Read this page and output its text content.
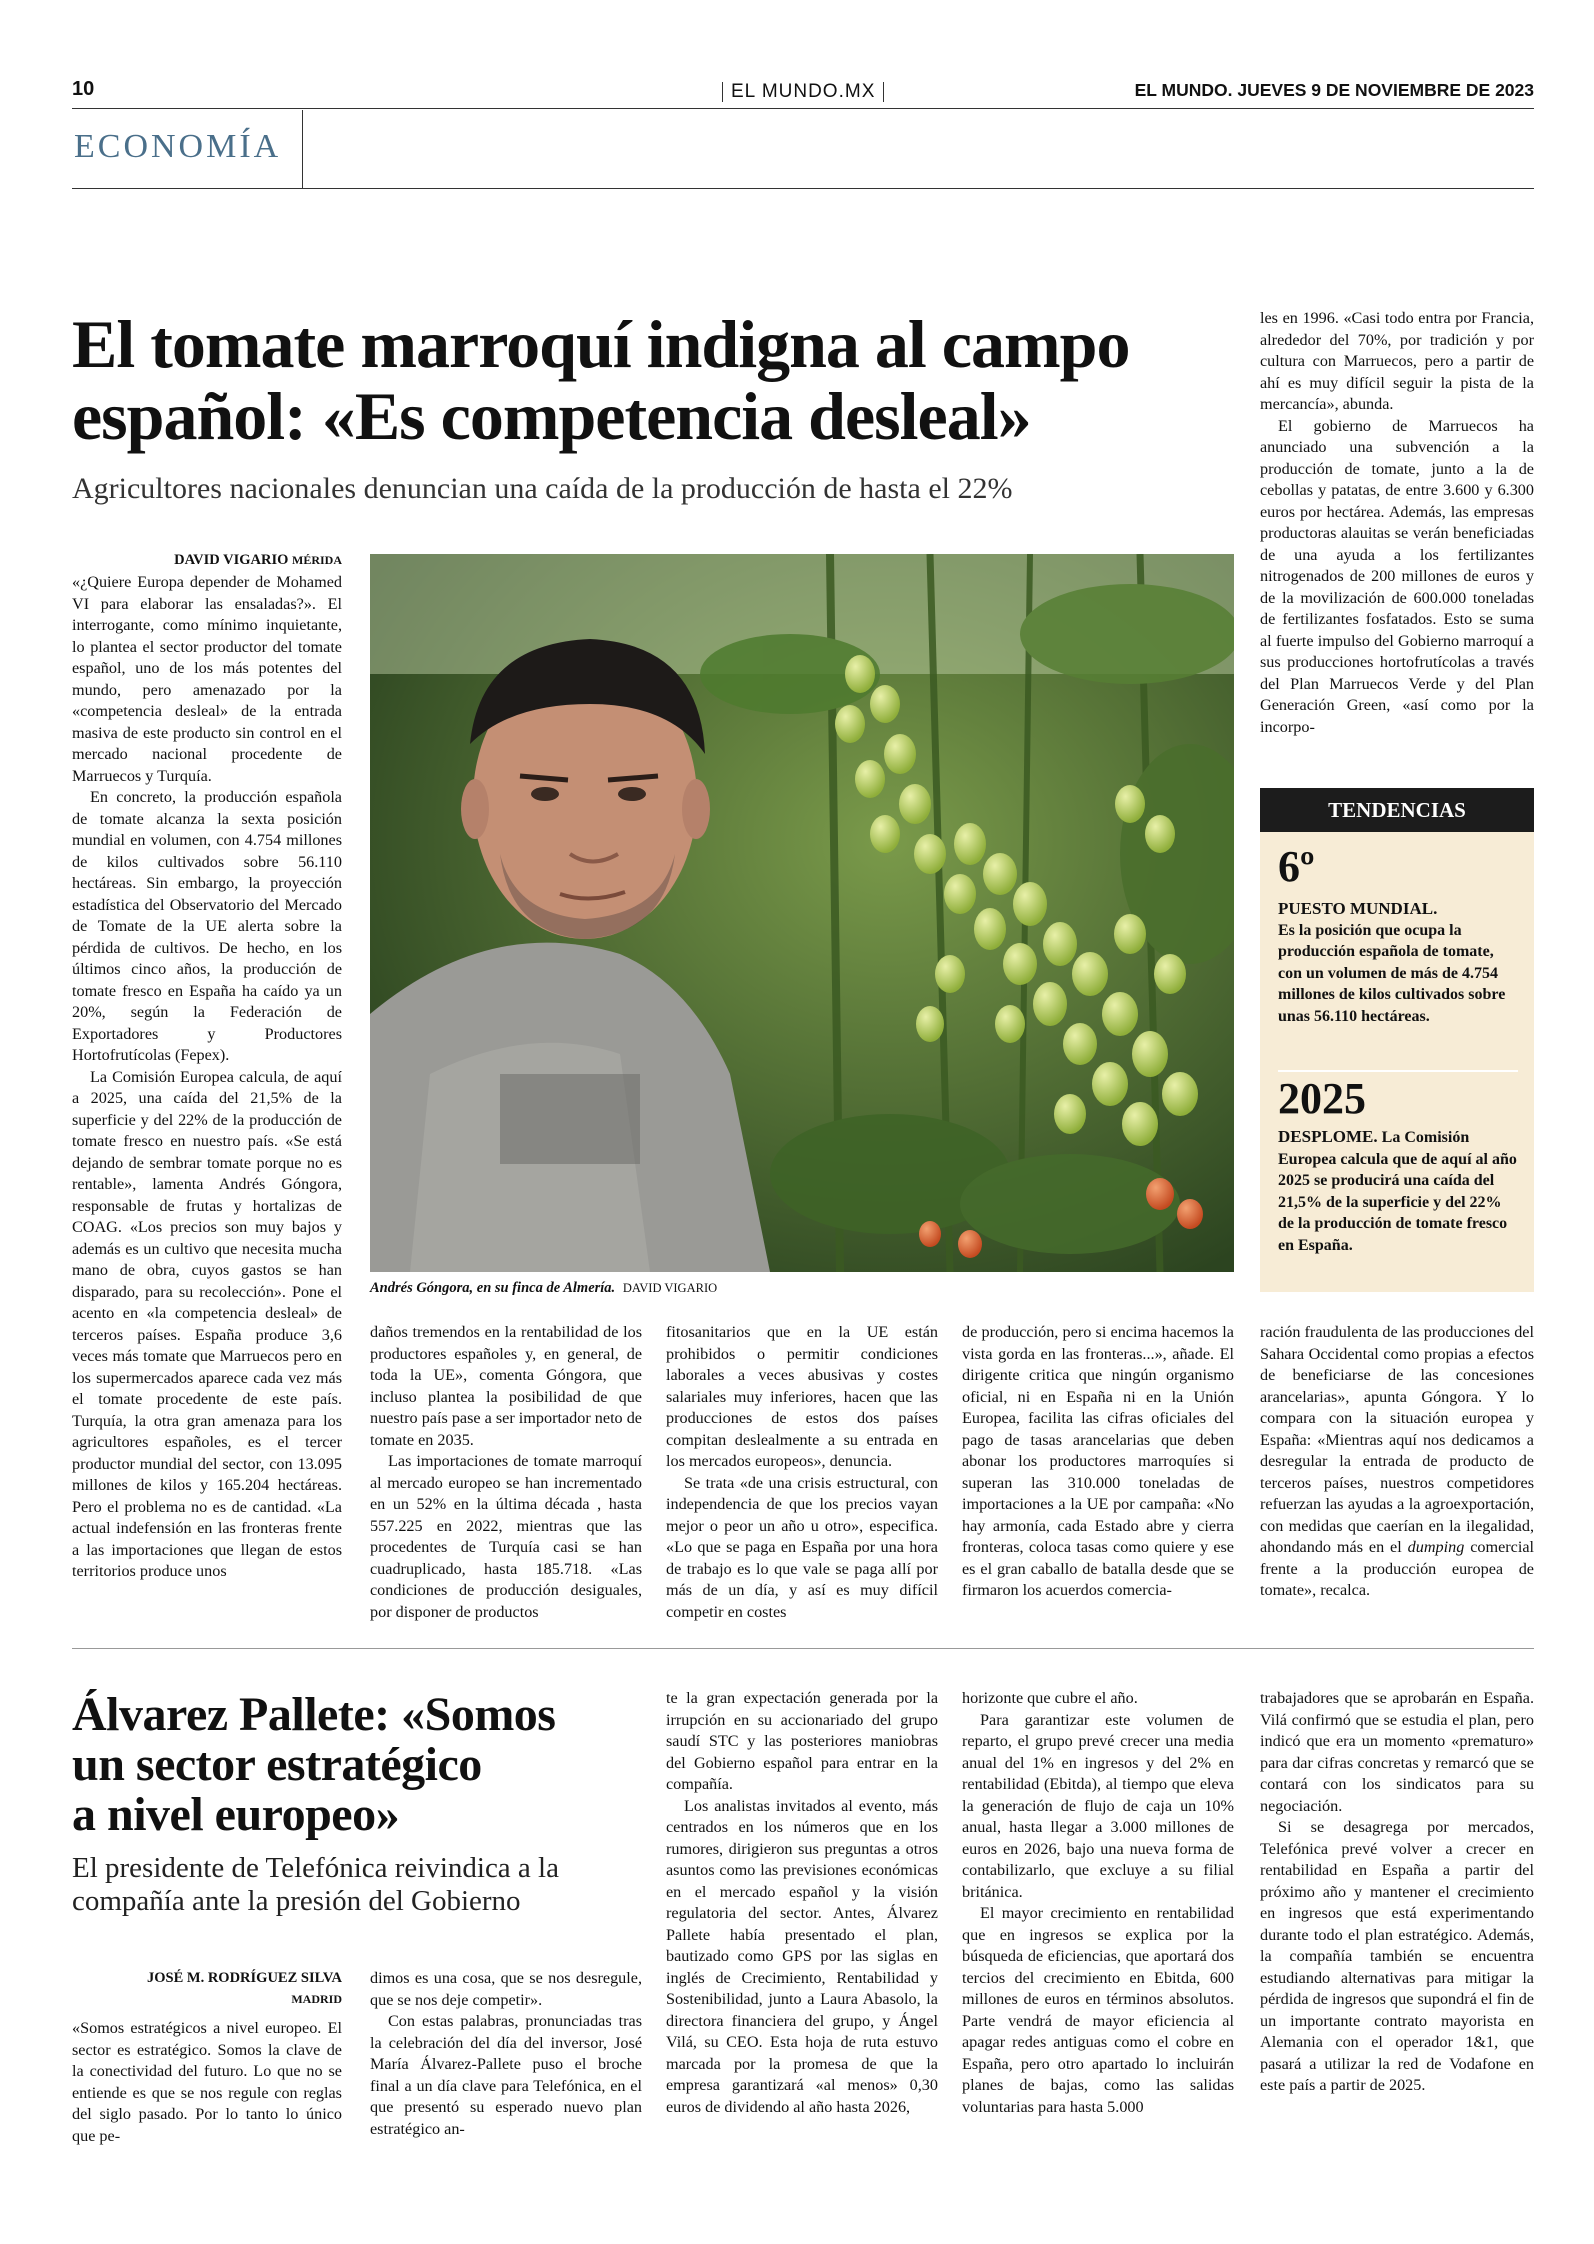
10	EL MUNDO.MX	EL MUNDO. JUEVES 9 DE NOVIEMBRE DE 2023
ECONOMÍA
El tomate marroquí indigna al campo
español: «Es competencia desleal»
Agricultores nacionales denuncian una caída de la producción de hasta el 22%
DAVID VIGARIO MÉRIDA

«¿Quiere Europa depender de Mohamed VI para elaborar las ensaladas?». El interrogante, como mínimo inquietante, lo plantea el sector productor del tomate español, uno de los más potentes del mundo, pero amenazado por la «competencia desleal» de la entrada masiva de este producto sin control en el mercado nacional procedente de Marruecos y Turquía.

En concreto, la producción española de tomate alcanza la sexta posición mundial en volumen, con 4.754 millones de kilos cultivados sobre 56.110 hectáreas. Sin embargo, la proyección estadística del Observatorio del Mercado de Tomate de la UE alerta sobre la pérdida de cultivos. De hecho, en los últimos cinco años, la producción de tomate fresco en España ha caído ya un 20%, según la Federación de Exportadores y Productores Hortofrutícolas (Fepex).

La Comisión Europea calcula, de aquí a 2025, una caída del 21,5% de la superficie y del 22% de la producción de tomate fresco en nuestro país. «Se está dejando de sembrar tomate porque no es rentable», lamenta Andrés Góngora, responsable de frutas y hortalizas de COAG. «Los precios son muy bajos y además es un cultivo que necesita mucha mano de obra, cuyos gastos se han disparado, para su recolección». Pone el acento en «la competencia desleal» de terceros países. España produce 3,6 veces más tomate que Marruecos pero en los supermercados aparece cada vez más el tomate procedente de este país. Turquía, la otra gran amenaza para los agricultores españoles, es el tercer productor mundial del sector, con 13.095 millones de kilos y 165.204 hectáreas. Pero el problema no es de cantidad. «La actual indefensión en las fronteras frente a las importaciones que llegan de estos territorios produce unos

Andrés Góngora, en su finca de Almería. DAVID VIGARIO

daños tremendos en la rentabilidad de los productores españoles y, en general, de toda la UE», comenta Góngora, que incluso plantea la posibilidad de que nuestro país pase a ser importador neto de tomate en 2035.

Las importaciones de tomate marroquí al mercado europeo se han incrementado en un 52% en la última década , hasta 557.225 en 2022, mientras que las procedentes de Turquía casi se han cuadruplicado, hasta 185.718. «Las condiciones de producción desiguales, por disponer de productos

fitosanitarios que en la UE están prohibidos o permitir condiciones laborales a veces abusivas y costes salariales muy inferiores, hacen que las producciones de estos dos países compitan deslealmente a su entrada en los mercados europeos», denuncia.

Se trata «de una crisis estructural, con independencia de que los precios vayan mejor o peor un año u otro», especifica. «Lo que se paga en España por una hora de trabajo es lo que vale se paga allí por más de un día, y así es muy difícil competir en costes

de producción, pero si encima hacemos la vista gorda en las fronteras...», añade. El dirigente critica que ningún organismo oficial, ni en España ni en la Unión Europea, facilita las cifras oficiales del pago de tasas arancelarias que deben abonar los productores marroquíes si superan las 310.000 toneladas de importaciones a la UE por campaña: «No hay armonía, cada Estado abre y cierra fronteras, coloca tasas como quiere y ese es el gran caballo de batalla desde que se firmaron los acuerdos comercia-

les en 1996. «Casi todo entra por Francia, alrededor del 70%, por tradición y por cultura con Marruecos, pero a partir de ahí es muy difícil seguir la pista de la mercancía», abunda.

El gobierno de Marruecos ha anunciado una subvención a la producción de tomate, junto a la de cebollas y patatas, de entre 3.600 y 6.300 euros por hectárea. Además, las empresas productoras alauitas se verán beneficiadas de una ayuda a los fertilizantes nitrogenados de 200 millones de euros y de la movilización de 600.000 toneladas de fertilizantes fosfatados. Esto se suma al fuerte impulso del Gobierno marroquí a sus producciones hortofrutícolas a través del Plan Marruecos Verde y del Plan Generación Green, «así como por la incorpo-

TENDENCIAS
6º
PUESTO MUNDIAL.
Es la posición que ocupa la producción española de tomate, con un volumen de más de 4.754 millones de kilos cultivados sobre unas 56.110 hectáreas.
2025
DESPLOME. La Comisión Europea calcula que de aquí al año 2025 se producirá una caída del 21,5% de la superficie y del 22% de la producción de tomate fresco en España.

ración fraudulenta de las producciones del Sahara Occidental como propias a efectos de beneficiarse de las concesiones arancelarias», apunta Góngora. Y lo compara con la situación europea y España: «Mientras aquí nos dedicamos a desregular la entrada de producto de terceros países, nuestros competidores refuerzan las ayudas a la agroexportación, con medidas que caerían en la ilegalidad, ahondando más en el dumping comercial frente a la producción europea de tomate», recalca.

Álvarez Pallete: «Somos
un sector estratégico
a nivel europeo»
El presidente de Telefónica reivindica a la
compañía ante la presión del Gobierno
JOSÉ M. RODRÍGUEZ SILVA
MADRID

«Somos estratégicos a nivel europeo. El sector es estratégico. Somos la clave de la conectividad del futuro. Lo que no se entiende es que se nos regule con reglas del siglo pasado. Por lo tanto lo único que pe-

dimos es una cosa, que se nos desregule, que se nos deje competir».

Con estas palabras, pronunciadas tras la celebración del día del inversor, José María Álvarez-Pallete puso el broche final a un día clave para Telefónica, en el que presentó su esperado nuevo plan estratégico an-

te la gran expectación generada por la irrupción en su accionariado del grupo saudí STC y las posteriores maniobras del Gobierno español para entrar en la compañía.

Los analistas invitados al evento, más centrados en los números que en los rumores, dirigieron sus preguntas a otros asuntos como las previsiones económicas en el mercado español y la visión regulatoria del sector. Antes, Álvarez Pallete había presentado el plan, bautizado como GPS por las siglas en inglés de Crecimiento, Rentabilidad y Sostenibilidad, junto a Laura Abasolo, la directora financiera del grupo, y Ángel Vilá, su CEO. Esta hoja de ruta estuvo marcada por la promesa de que la empresa garantizará «al menos» 0,30 euros de dividendo al año hasta 2026,

horizonte que cubre el año.

Para garantizar este volumen de reparto, el grupo prevé crecer una media anual del 1% en ingresos y del 2% en rentabilidad (Ebitda), al tiempo que eleva la generación de flujo de caja un 10% anual, hasta llegar a 3.000 millones de euros en 2026, bajo una nueva forma de contabilizarlo, que excluye a su filial británica.

El mayor crecimiento en rentabilidad que en ingresos se explica por la búsqueda de eficiencias, que aportará dos tercios del crecimiento en Ebitda, 600 millones de euros en términos absolutos. Parte vendrá de mayor eficiencia al apagar redes antiguas como el cobre en España, pero otro apartado lo incluirán planes de bajas, como las salidas voluntarias para hasta 5.000

trabajadores que se aprobarán en España. Vilá confirmó que se estudia el plan, pero indicó que era un momento «prematuro» para dar cifras concretas y remarcó que se contará con los sindicatos para su negociación.

Si se desagrega por mercados, Telefónica prevé volver a crecer en rentabilidad en España a partir del próximo año y mantener el crecimiento en ingresos que está experimentando durante todo el plan estratégico. Además, la compañía también se encuentra estudiando alternativas para mitigar la pérdida de ingresos que supondrá el fin de un importante contrato mayorista en Alemania con el operador 1&1, que pasará a utilizar la red de Vodafone en este país a partir de 2025.
